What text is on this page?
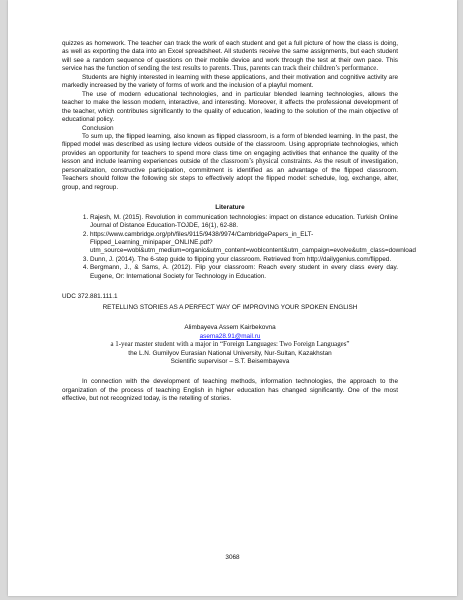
quizzes as homework. The teacher can track the work of each student and get a full picture of how the class is doing, as well as exporting the data into an Excel spreadsheet. All students receive the same assignments, but each student will see a random sequence of questions on their mobile device and work through the test at their own pace. This service has the function of sending the test results to parents. Thus, parents can track their children’s performance.

Students are highly interested in learning with these applications, and their motivation and cognitive activity are markedly increased by the variety of forms of work and the inclusion of a playful moment.

The use of modern educational technologies, and in particular blended learning technologies, allows the teacher to make the lesson modern, interactive, and interesting. Moreover, it affects the professional development of the teacher, which contributes significantly to the quality of education, leading to the solution of the main objective of educational policy.

Conclusion

To sum up, the flipped learning, also known as flipped classroom, is a form of blended learning. In the past, the flipped model was described as using lecture videos outside of the classroom. Using appropriate technologies, which provides an opportunity for teachers to spend more class time on engaging activities that enhance the quality of the lesson and include learning experiences outside of the classroom’s physical constraints. As the result of investigation, personalization, constructive participation, commitment is identified as an advantage of the flipped classroom. Teachers should follow the following six steps to effectively adopt the flipped model: schedule, log, exchange, alter, group, and regroup.

Literature
1. Rajesh, M. (2015). Revolution in communication technologies: impact on distance education. Turkish Online Journal of Distance Education-TOJDE, 16(1), 62-88.
2. https://www.cambridge.org/ph/files/9115/9438/9974/CambridgePapers_in_ELT-Flipped_Learning_minipaper_ONLINE.pdf?utm_source=wobl&utm_medium=organic&utm_content=woblcontent&utm_campaign=evolve&utm_class=download
3. Dunn, J. (2014). The 6-step guide to flipping your classroom. Retrieved from http://dailygenius.com/flipped.
4. Bergmann, J., & Sams, A. (2012). Flip your classroom: Reach every student in every class every day. Eugene, Or: International Society for Technology in Education.

UDC 372.881.111.1

RETELLING STORIES AS A PERFECT WAY OF IMPROVING YOUR SPOKEN ENGLISH

Alimbayeva Assem Kairbekovna

asema28.91@mail.ru

a 1-year master student with a major in “Foreign Languages: Two Foreign Languages”

the L.N. Gumilyov Eurasian National University, Nur-Sultan, Kazakhstan

Scientific supervisor – S.T. Beisembayeva

In connection with the development of teaching methods, information technologies, the approach to the organization of the process of teaching English in higher education has changed significantly. One of the most effective, but not recognized today, is the retelling of stories.

3068
